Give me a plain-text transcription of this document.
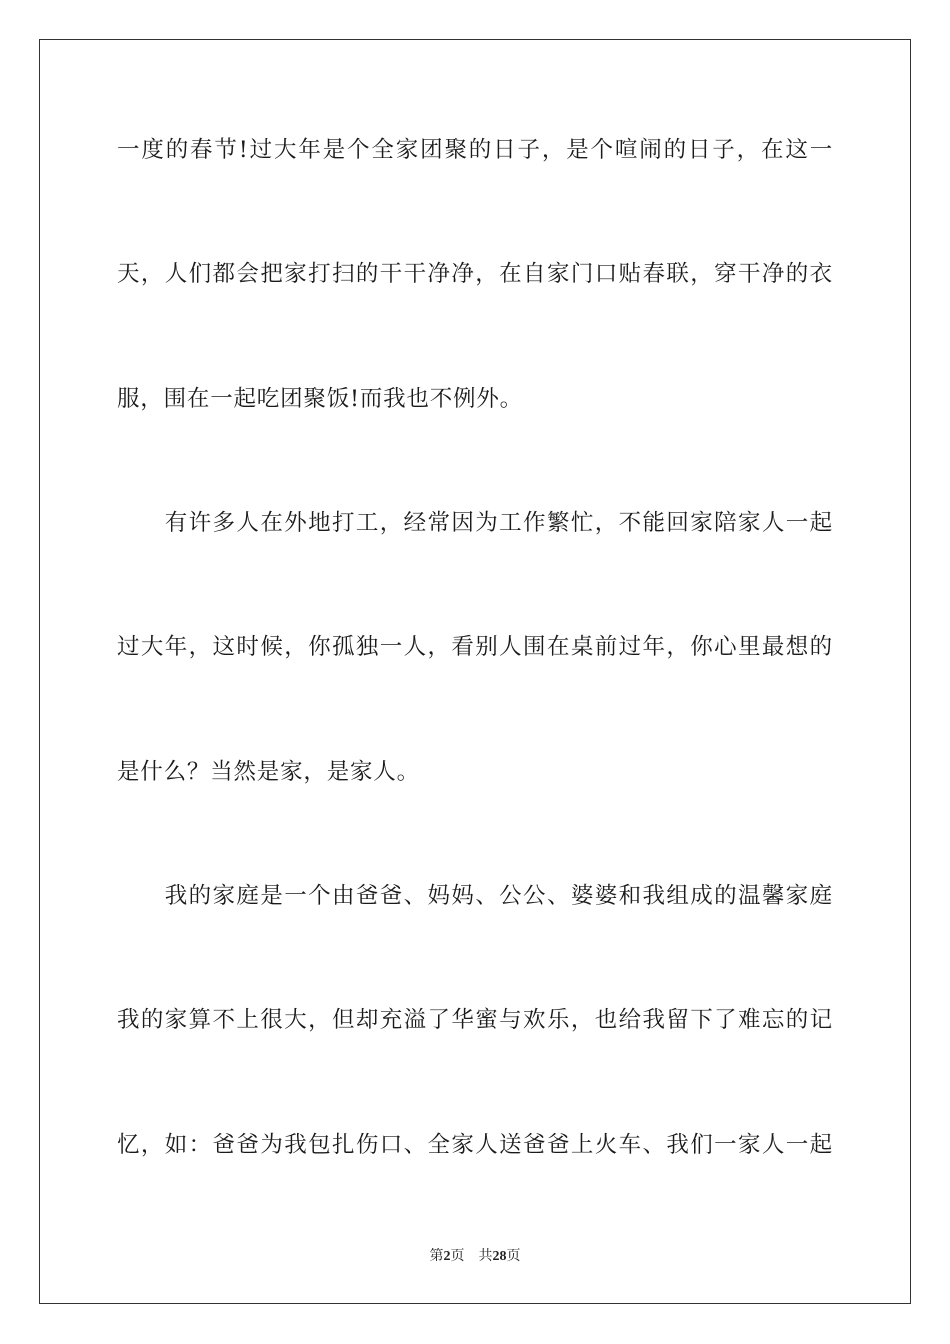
一度的春节!过大年是个全家团聚的日子，是个喧闹的日子，在这一
天，人们都会把家打扫的干干净净，在自家门口贴春联，穿干净的衣
服，围在一起吃团聚饭!而我也不例外。
　　有许多人在外地打工，经常因为工作繁忙，不能回家陪家人一起
过大年，这时候，你孤独一人，看别人围在桌前过年，你心里最想的
是什么？当然是家，是家人。
　　我的家庭是一个由爸爸、妈妈、公公、婆婆和我组成的温馨家庭
我的家算不上很大，但却充溢了华蜜与欢乐，也给我留下了难忘的记
忆，如：爸爸为我包扎伤口、全家人送爸爸上火车、我们一家人一起
第2页 共28页
